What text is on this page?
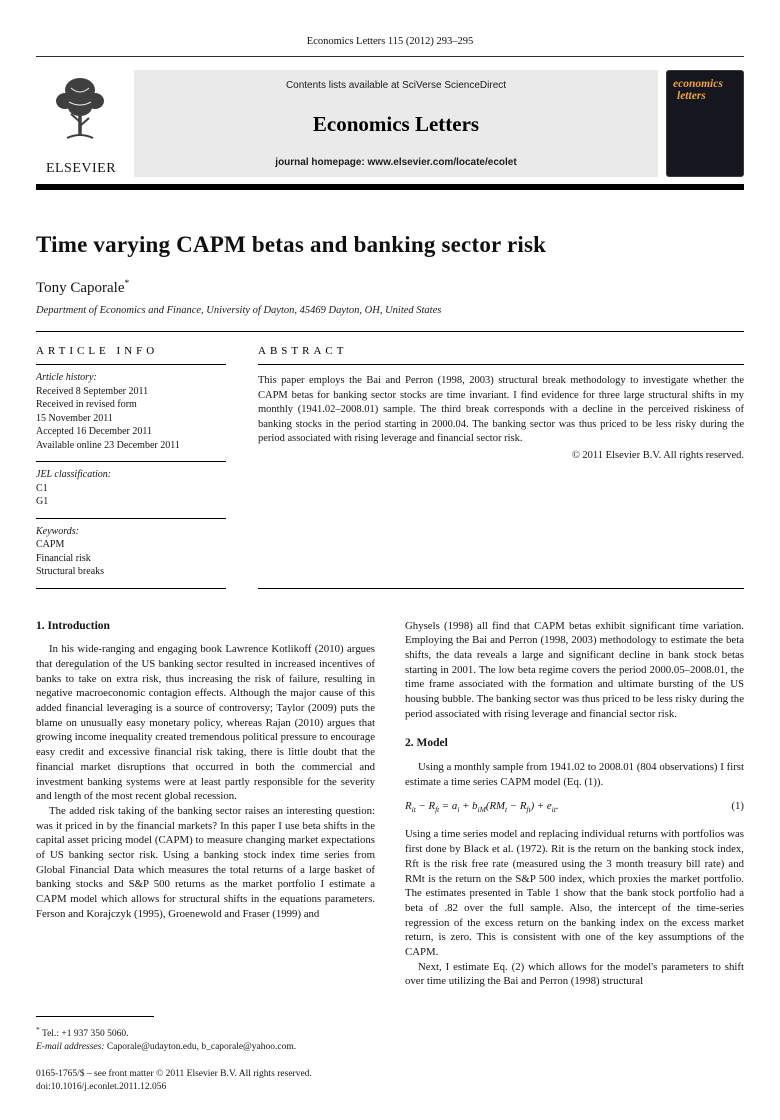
Economics Letters 115 (2012) 293–295
ELSEVIER
Contents lists available at SciVerse ScienceDirect
Economics Letters
journal homepage: www.elsevier.com/locate/ecolet
economics
letters
Time varying CAPM betas and banking sector risk
Tony Caporale*
Department of Economics and Finance, University of Dayton, 45469 Dayton, OH, United States
ARTICLE INFO
Article history:
Received 8 September 2011
Received in revised form
15 November 2011
Accepted 16 December 2011
Available online 23 December 2011
JEL classification:
C1
G1
Keywords:
CAPM
Financial risk
Structural breaks
ABSTRACT

This paper employs the Bai and Perron (1998, 2003) structural break methodology to investigate whether the CAPM betas for banking sector stocks are time invariant. I find evidence for three large structural shifts in my monthly (1941.02–2008.01) sample. The third break corresponds with a decline in the perceived riskiness of banking stocks in the period starting in 2000.04. The banking sector was thus priced to be less risky during the period associated with rising leverage and financial sector risk.

© 2011 Elsevier B.V. All rights reserved.
1. Introduction

In his wide-ranging and engaging book Lawrence Kotlikoff (2010) argues that deregulation of the US banking sector resulted in increased incentives of banks to take on extra risk, thus increasing the risk of failure, resulting in negative macroeconomic contagion effects. Although the major cause of this added financial leveraging is a source of controversy; Taylor (2009) puts the blame on unusually easy monetary policy, whereas Rajan (2010) argues that growing income inequality created tremendous political pressure to encourage easy credit and excessive financial risk taking, there is little doubt that the financial market disruptions that occurred in both the commercial and investment banking systems were at least partly responsible for the severity and length of the most recent global recession.

The added risk taking of the banking sector raises an interesting question: was it priced in by the financial markets? In this paper I use beta shifts in the capital asset pricing model (CAPM) to measure changing market expectations of US banking sector risk. Using a banking stock index time series from Global Financial Data which measures the total returns of a large basket of banking stocks and S&P 500 returns as the market portfolio I estimate a CAPM model which allows for structural shifts in the equations parameters. Ferson and Korajczyk (1995), Groenewold and Fraser (1999) and

Ghysels (1998) all find that CAPM betas exhibit significant time variation. Employing the Bai and Perron (1998, 2003) methodology to estimate the beta shifts, the data reveals a large and significant decline in bank stock betas starting in 2001. The low beta regime covers the period 2000.05–2008.01, the time frame associated with the formation and ultimate bursting of the US housing bubble. The banking sector was thus priced to be less risky during the period associated with rising leverage and financial sector risk.

2. Model

Using a monthly sample from 1941.02 to 2008.01 (804 observations) I first estimate a time series CAPM model (Eq. (1)).

$R_{it} - R_{ft} = a_i + b_{iM}(RM_t - R_{ft}) + e_{it}$.	(1)

Using a time series model and replacing individual returns with portfolios was first done by Black et al. (1972). Rit is the return on the banking stock index, Rft is the risk free rate (measured using the 3 month treasury bill rate) and RMt is the return on the S&P 500 index, which proxies the market portfolio. The estimates presented in Table 1 show that the bank stock portfolio had a beta of .82 over the full sample. Also, the intercept of the time-series regression of the excess return on the banking index on the excess market return, is zero. This is consistent with one of the key assumptions of the CAPM.

Next, I estimate Eq. (2) which allows for the model's parameters to shift over time utilizing the Bai and Perron (1998) structural

* Tel.: +1 937 350 5060.
E-mail addresses: Caporale@udayton.edu, b_caporale@yahoo.com.
0165-1765/$ – see front matter © 2011 Elsevier B.V. All rights reserved.
doi:10.1016/j.econlet.2011.12.056
